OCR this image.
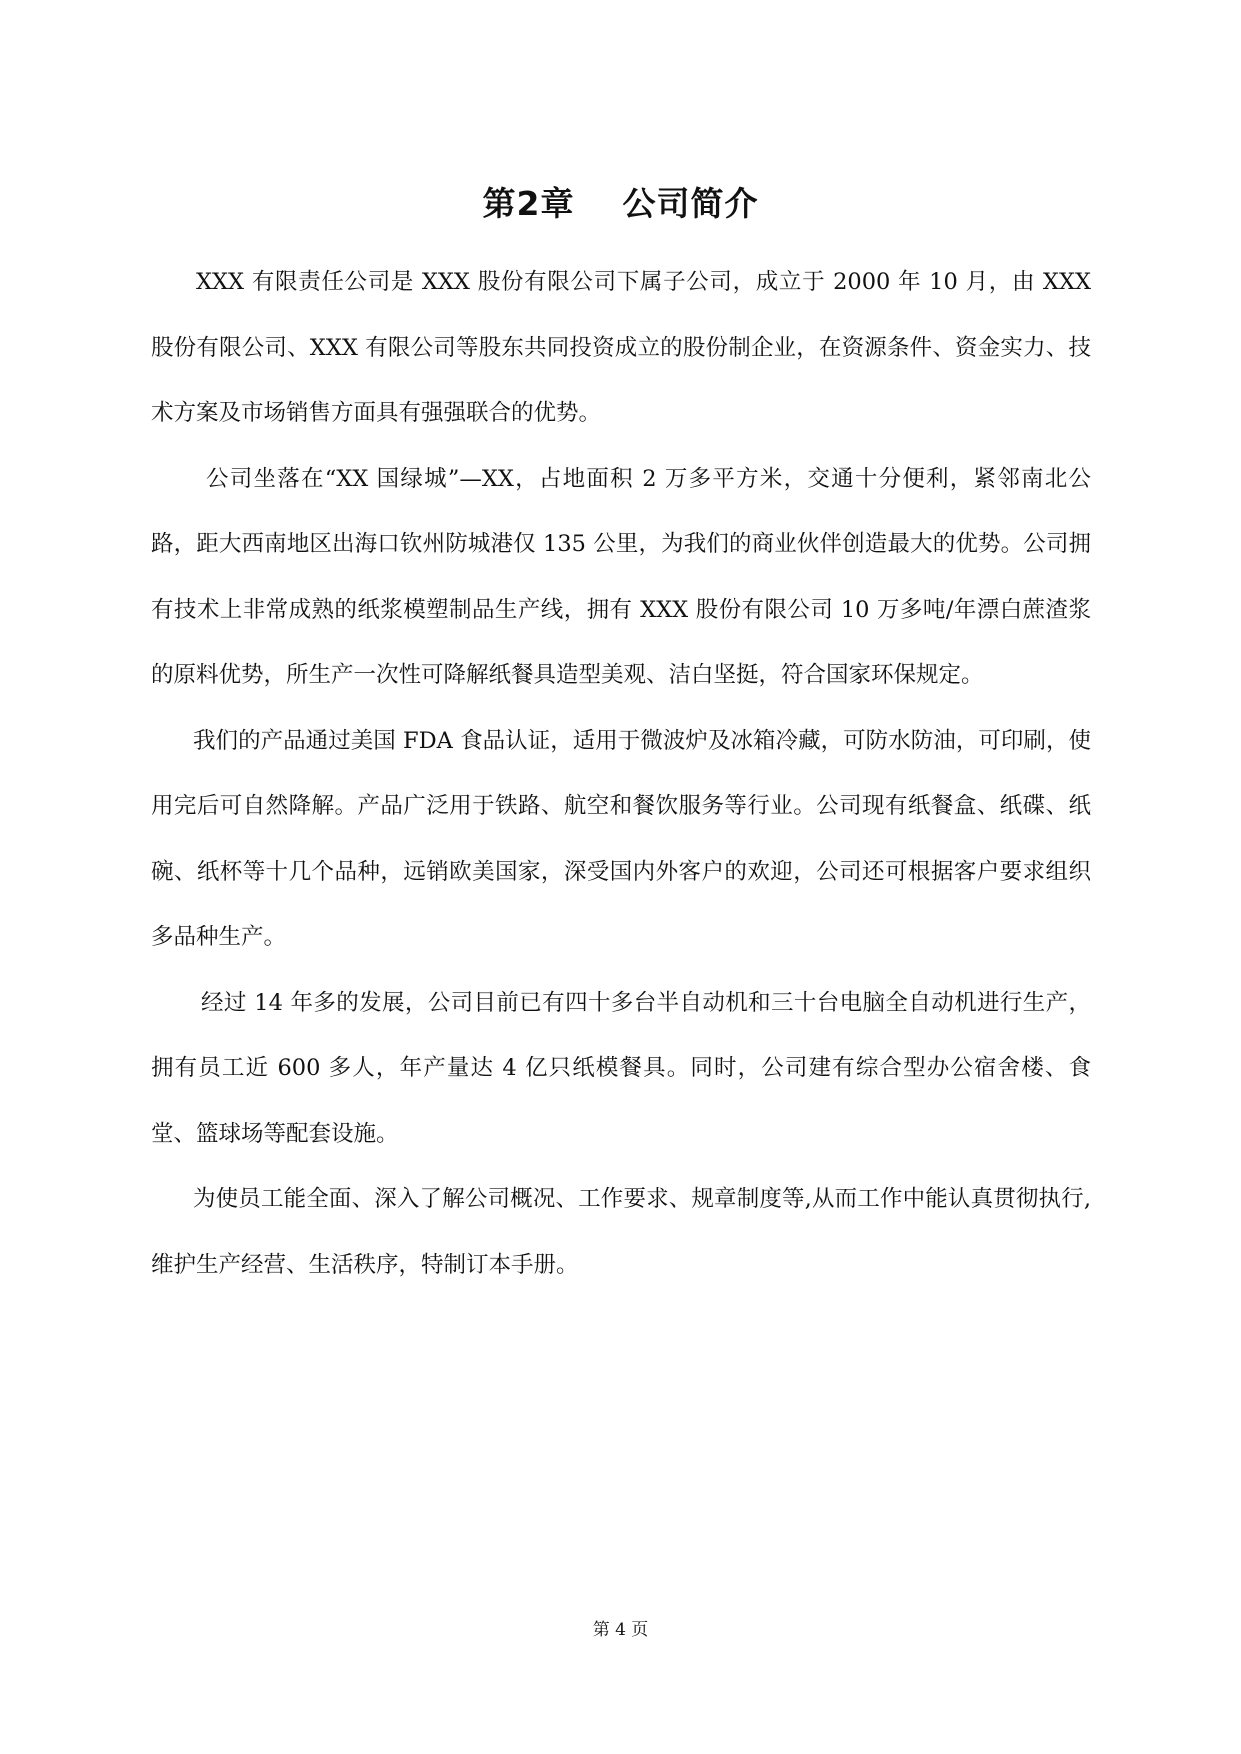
第2章 公司简介

XXX 有限责任公司是 XXX 股份有限公司下属子公司，成立于 2000 年 10 月，由 XXX 股份有限公司、XXX 有限公司等股东共同投资成立的股份制企业，在资源条件、资金实力、技术方案及市场销售方面具有强强联合的优势。

公司坐落在“XX 国绿城”—XX，占地面积 2 万多平方米，交通十分便利，紧邻南北公路，距大西南地区出海口钦州防城港仅 135 公里，为我们的商业伙伴创造最大的优势。公司拥有技术上非常成熟的纸浆模塑制品生产线，拥有 XXX 股份有限公司 10 万多吨/年漂白蔗渣浆的原料优势，所生产一次性可降解纸餐具造型美观、洁白坚挺，符合国家环保规定。

我们的产品通过美国 FDA 食品认证，适用于微波炉及冰箱冷藏，可防水防油，可印刷，使用完后可自然降解。产品广泛用于铁路、航空和餐饮服务等行业。公司现有纸餐盒、纸碟、纸碗、纸杯等十几个品种，远销欧美国家，深受国内外客户的欢迎，公司还可根据客户要求组织多品种生产。

经过 14 年多的发展，公司目前已有四十多台半自动机和三十台电脑全自动机进行生产，拥有员工近 600 多人，年产量达 4 亿只纸模餐具。同时，公司建有综合型办公宿舍楼、食堂、篮球场等配套设施。

为使员工能全面、深入了解公司概况、工作要求、规章制度等,从而工作中能认真贯彻执行,维护生产经营、生活秩序，特制订本手册。

第 4 页
